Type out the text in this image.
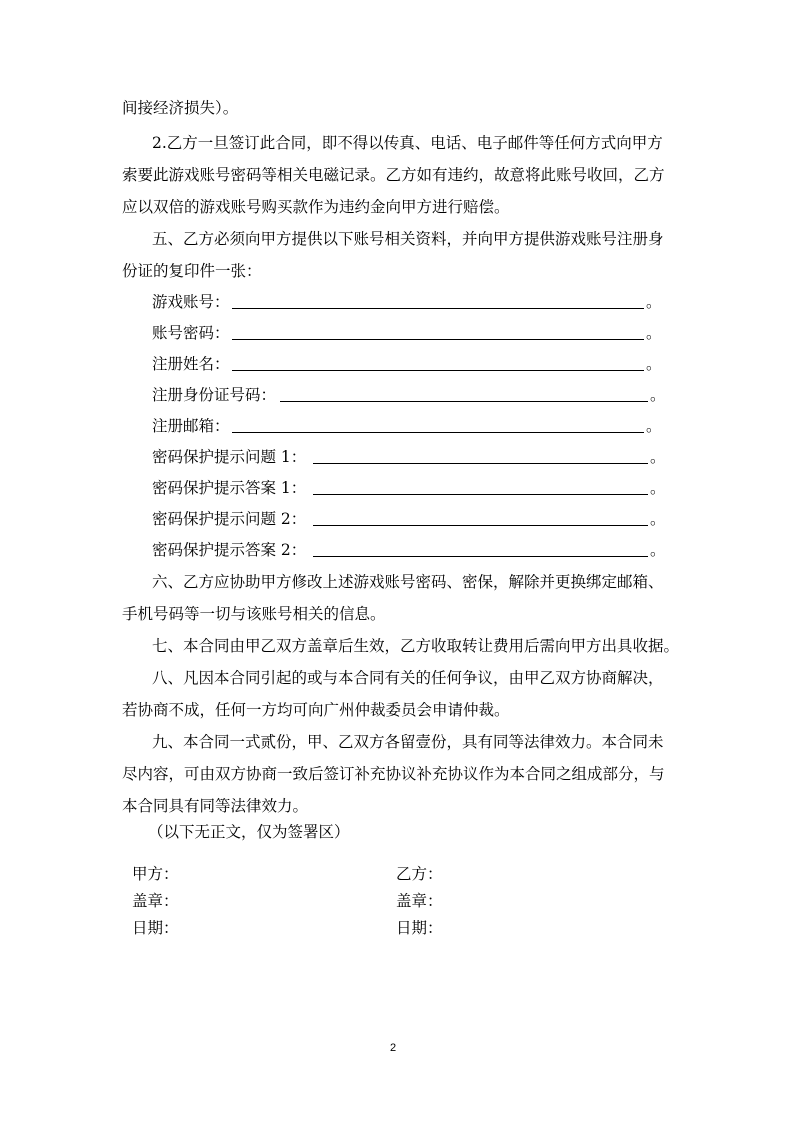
间接经济损失）。
2.乙方一旦签订此合同，即不得以传真、电话、电子邮件等任何方式向甲方
索要此游戏账号密码等相关电磁记录。乙方如有违约，故意将此账号收回，乙方
应以双倍的游戏账号购买款作为违约金向甲方进行赔偿。
五、乙方必须向甲方提供以下账号相关资料，并向甲方提供游戏账号注册身
份证的复印件一张：
游戏账号：	。
账号密码：	。
注册姓名：	。
注册身份证号码：	。
注册邮箱：	。
密码保护提示问题 1：	。
密码保护提示答案 1：	。
密码保护提示问题 2：	。
密码保护提示答案 2：	。
六、乙方应协助甲方修改上述游戏账号密码、密保，解除并更换绑定邮箱、
手机号码等一切与该账号相关的信息。
七、本合同由甲乙双方盖章后生效，乙方收取转让费用后需向甲方出具收据。
八、凡因本合同引起的或与本合同有关的任何争议，由甲乙双方协商解决，
若协商不成，任何一方均可向广州仲裁委员会申请仲裁。
九、本合同一式贰份，甲、乙双方各留壹份，具有同等法律效力。本合同未
尽内容，可由双方协商一致后签订补充协议补充协议作为本合同之组成部分，与
本合同具有同等法律效力。
（以下无正文，仅为签署区）
甲方：	乙方：
盖章：	盖章：
日期：	日期：
2
